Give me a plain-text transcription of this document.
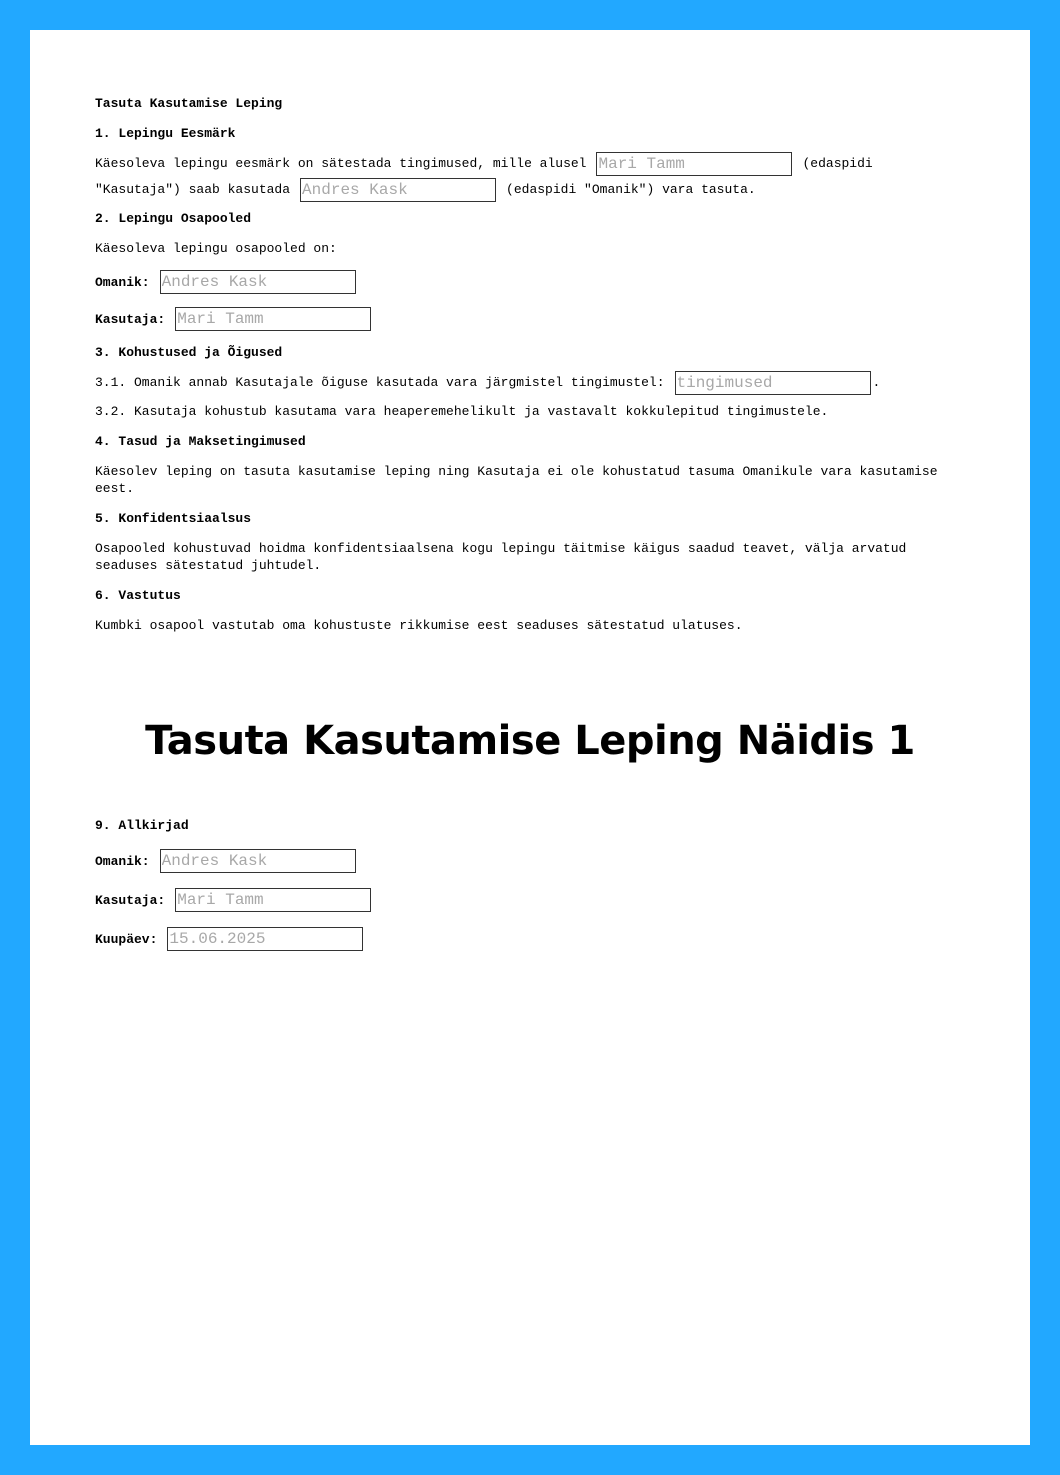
Tasuta Kasutamise Leping
1. Lepingu Eesmärk

Käesoleva lepingu eesmärk on sätestada tingimused, mille aluselMari Tamm	(edaspidi "Kasutaja") saab kasutadaAndres Kask	(edaspidi "Omanik") vara tasuta.

2. Lepingu Osapooled

Käesoleva lepingu osapooled on:

Omanik:
Andres Kask
Kasutaja:
Mari Tamm
3. Kohustused ja Õigused

3.1. Omanik annab Kasutajale õiguse kasutada vara järgmistel tingimustel:tingimused	.

3.2. Kasutaja kohustub kasutama vara heaperemehelikult ja vastavalt kokkulepitud tingimustele.

4. Tasud ja Maksetingimused

Käesolev leping on tasuta kasutamise leping ning Kasutaja ei ole kohustatud tasuma Omanikule vara kasutamise eest.

5. Konfidentsiaalsus

Osapooled kohustuvad hoidma konfidentsiaalsena kogu lepingu täitmise käigus saadud teavet, välja arvatud seaduses sätestatud juhtudel.

6. Vastutus

Kumbki osapool vastutab oma kohustuste rikkumise eest seaduses sätestatud ulatuses.

Tasuta Kasutamise Leping Näidis 1
9. Allkirjad
Omanik:
Andres Kask
Kasutaja:
Mari Tamm
Kuupäev:
15.06.2025
